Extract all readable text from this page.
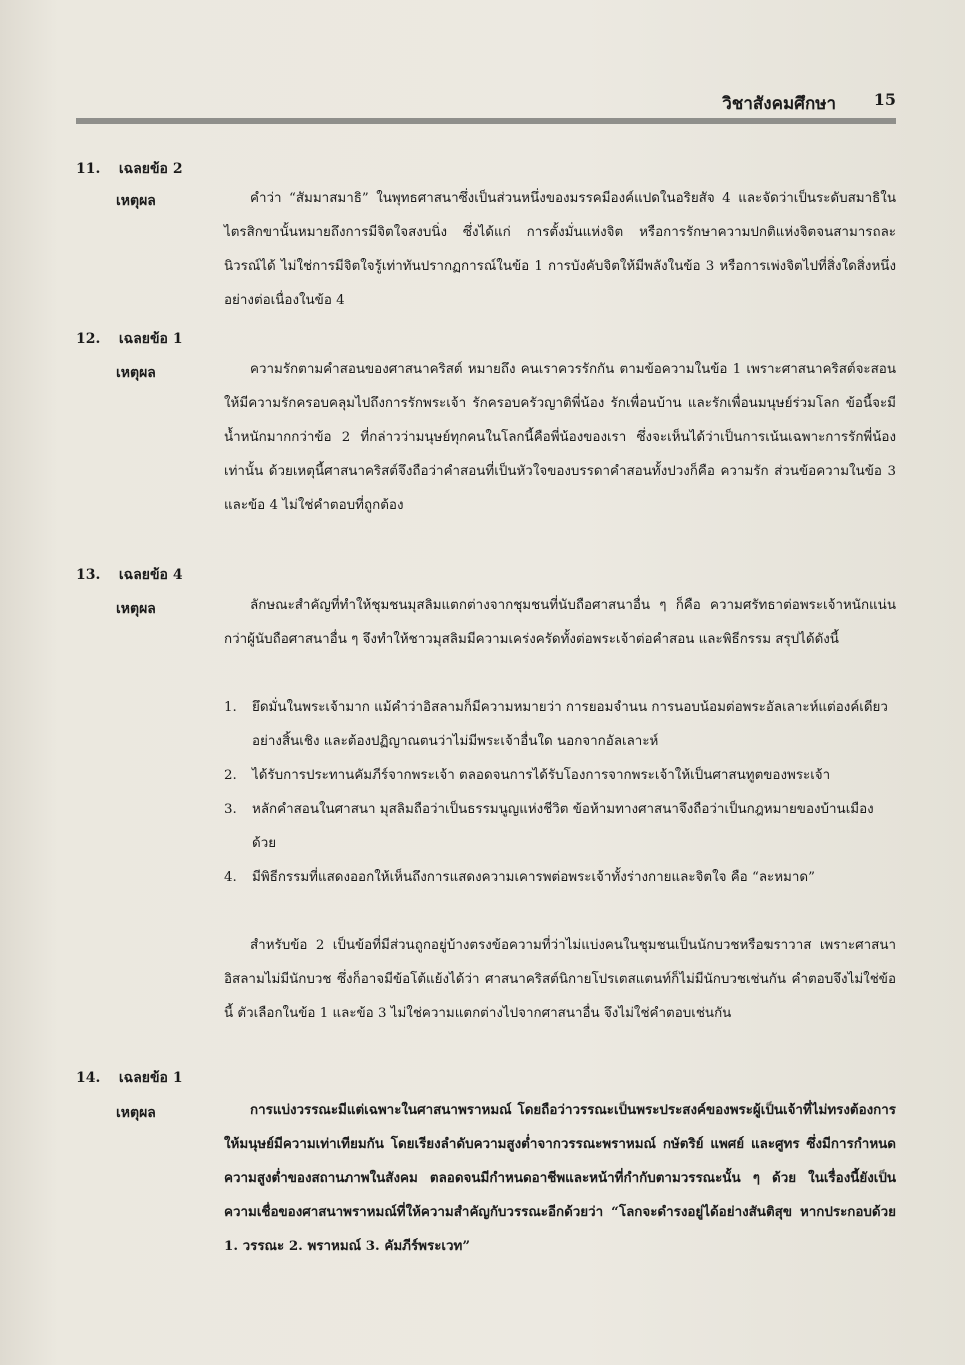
วิชาสังคมศึกษา 15
11. เฉลยข้อ 2
เหตุผล	คำว่า “สัมมาสมาธิ” ในพุทธศาสนาซึ่งเป็นส่วนหนึ่งของมรรคมีองค์แปดในอริยสัจ 4 และจัดว่าเป็นระดับสมาธิในไตรสิกขานั้นหมายถึงการมีจิตใจสงบนิ่ง ซึ่งได้แก่ การตั้งมั่นแห่งจิต หรือการรักษาความปกติแห่งจิตจนสามารถละนิวรณ์ได้ ไม่ใช่การมีจิตใจรู้เท่าทันปรากฏการณ์ในข้อ 1 การบังคับจิตให้มีพลังในข้อ 3 หรือการเพ่งจิตไปที่สิ่งใดสิ่งหนึ่งอย่างต่อเนื่องในข้อ 4
12. เฉลยข้อ 1
เหตุผล	ความรักตามคำสอนของศาสนาคริสต์ หมายถึง คนเราควรรักกัน ตามข้อความในข้อ 1 เพราะศาสนาคริสต์จะสอนให้มีความรักครอบคลุมไปถึงการรักพระเจ้า รักครอบครัวญาติพี่น้อง รักเพื่อนบ้าน และรักเพื่อนมนุษย์ร่วมโลก ข้อนี้จะมีน้ำหนักมากกว่าข้อ 2 ที่กล่าวว่ามนุษย์ทุกคนในโลกนี้คือพี่น้องของเรา ซึ่งจะเห็นได้ว่าเป็นการเน้นเฉพาะการรักพี่น้องเท่านั้น ด้วยเหตุนี้ศาสนาคริสต์จึงถือว่าคำสอนที่เป็นหัวใจของบรรดาคำสอนทั้งปวงก็คือ ความรัก ส่วนข้อความในข้อ 3 และข้อ 4 ไม่ใช่คำตอบที่ถูกต้อง
13. เฉลยข้อ 4
เหตุผล	ลักษณะสำคัญที่ทำให้ชุมชนมุสลิมแตกต่างจากชุมชนที่นับถือศาสนาอื่น ๆ ก็คือ ความศรัทธาต่อพระเจ้าหนักแน่นกว่าผู้นับถือศาสนาอื่น ๆ จึงทำให้ชาวมุสลิมมีความเคร่งครัดทั้งต่อพระเจ้าต่อคำสอน และพิธีกรรม สรุปได้ดังนี้
1. ยึดมั่นในพระเจ้ามาก แม้คำว่าอิสลามก็มีความหมายว่า การยอมจำนน การนอบน้อมต่อพระอัลเลาะห์แต่องค์เดียวอย่างสิ้นเชิง และต้องปฏิญาณตนว่าไม่มีพระเจ้าอื่นใด นอกจากอัลเลาะห์
2. ได้รับการประทานคัมภีร์จากพระเจ้า ตลอดจนการได้รับโองการจากพระเจ้าให้เป็นศาสนทูตของพระเจ้า
3. หลักคำสอนในศาสนา มุสลิมถือว่าเป็นธรรมนูญแห่งชีวิต ข้อห้ามทางศาสนาจึงถือว่าเป็นกฎหมายของบ้านเมืองด้วย
4. มีพิธีกรรมที่แสดงออกให้เห็นถึงการแสดงความเคารพต่อพระเจ้าทั้งร่างกายและจิตใจ คือ “ละหมาด”
สำหรับข้อ 2 เป็นข้อที่มีส่วนถูกอยู่บ้างตรงข้อความที่ว่าไม่แบ่งคนในชุมชนเป็นนักบวชหรือฆราวาส เพราะศาสนาอิสลามไม่มีนักบวช ซึ่งก็อาจมีข้อโต้แย้งได้ว่า ศาสนาคริสต์นิกายโปรเตสแตนท์ก็ไม่มีนักบวชเช่นกัน คำตอบจึงไม่ใช่ข้อนี้ ตัวเลือกในข้อ 1 และข้อ 3 ไม่ใช่ความแตกต่างไปจากศาสนาอื่น จึงไม่ใช่คำตอบเช่นกัน
14. เฉลยข้อ 1
เหตุผล	การแบ่งวรรณะมีแต่เฉพาะในศาสนาพราหมณ์ โดยถือว่าวรรณะเป็นพระประสงค์ของพระผู้เป็นเจ้าที่ไม่ทรงต้องการให้มนุษย์มีความเท่าเทียมกัน โดยเรียงลำดับความสูงต่ำจากวรรณะพราหมณ์ กษัตริย์ แพศย์ และศูทร ซึ่งมีการกำหนดความสูงต่ำของสถานภาพในสังคม ตลอดจนมีกำหนดอาชีพและหน้าที่กำกับตามวรรณะนั้น ๆ ด้วย ในเรื่องนี้ยังเป็นความเชื่อของศาสนาพราหมณ์ที่ให้ความสำคัญกับวรรณะอีกด้วยว่า “โลกจะดำรงอยู่ได้อย่างสันติสุข หากประกอบด้วย 1. วรรณะ 2. พราหมณ์ 3. คัมภีร์พระเวท”
